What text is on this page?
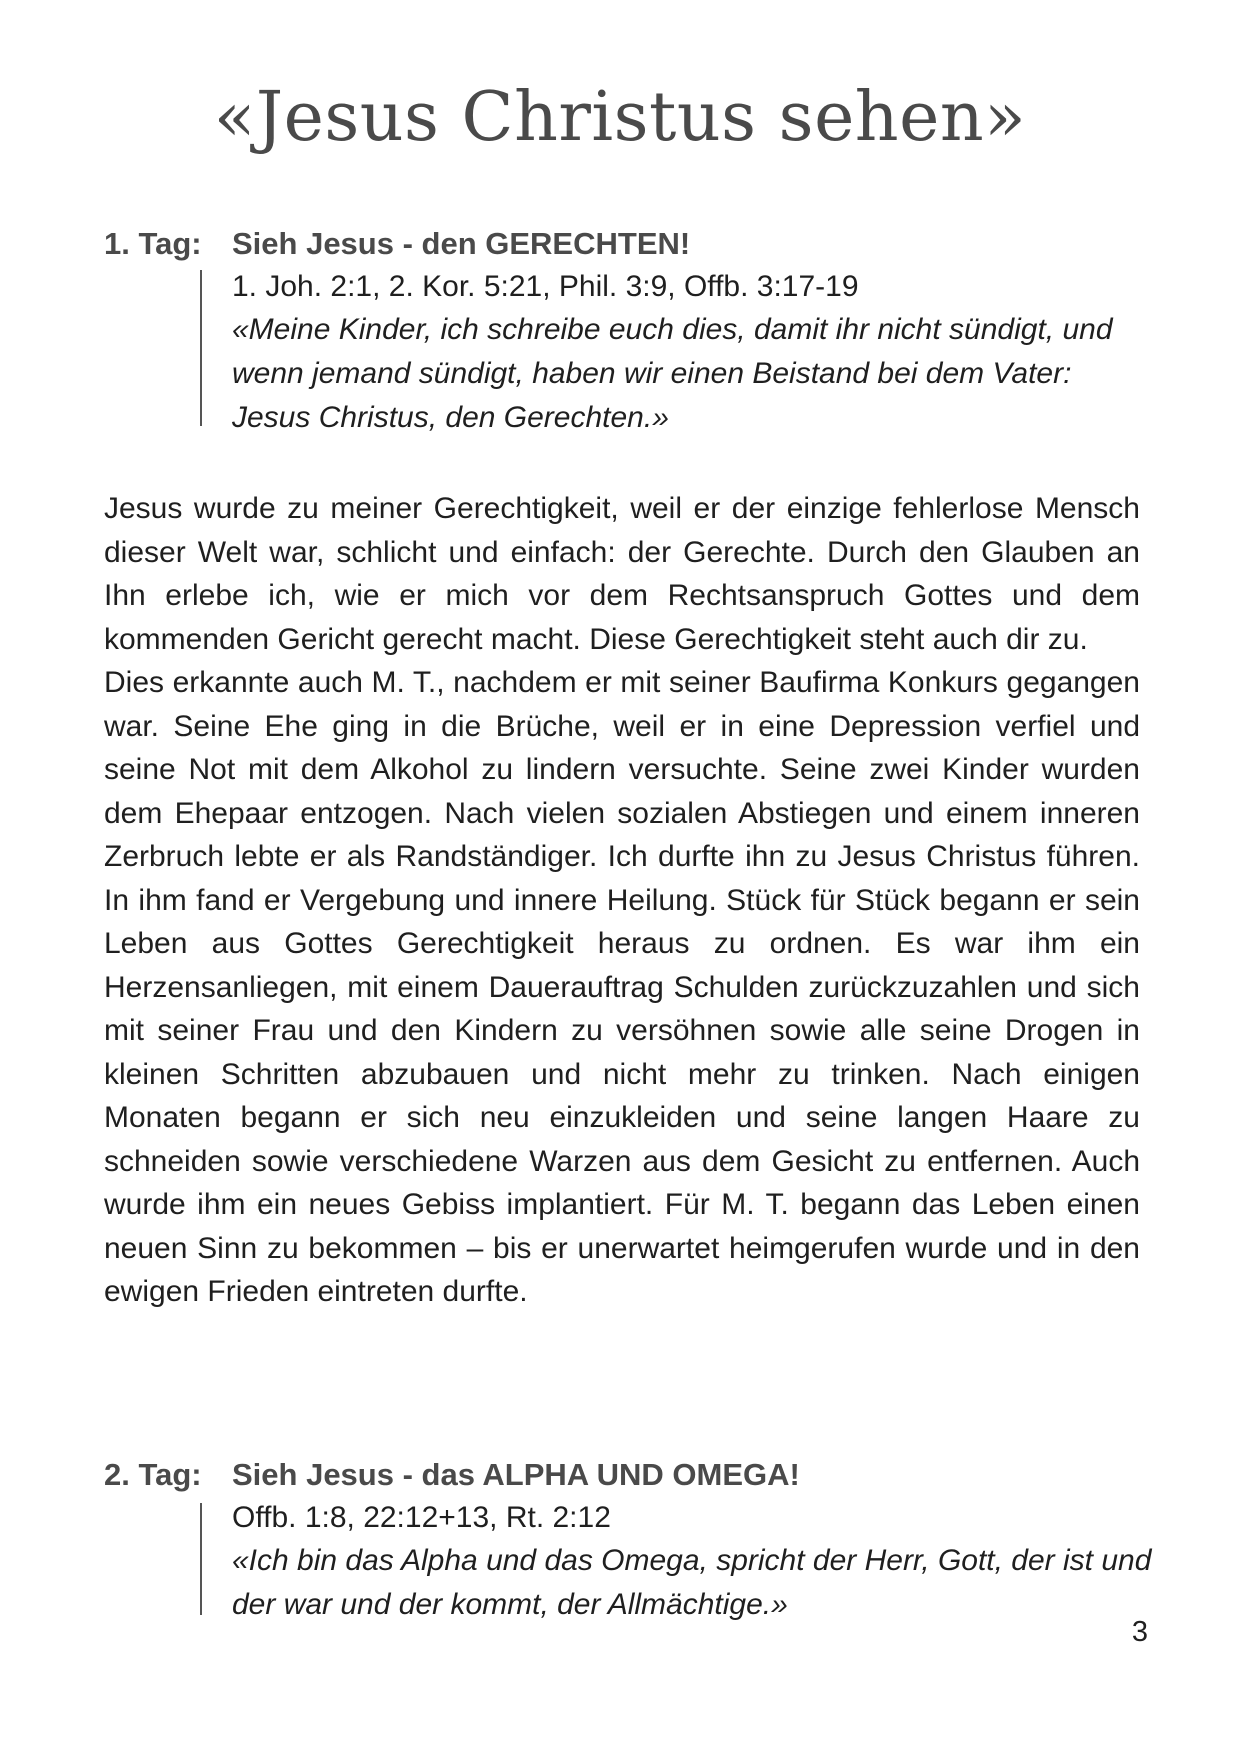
«Jesus Christus sehen»
1. Tag: Sieh Jesus - den GERECHTEN!
1. Joh. 2:1, 2. Kor. 5:21, Phil. 3:9, Offb. 3:17-19
«Meine Kinder, ich schreibe euch dies, damit ihr nicht sündigt, und wenn jemand sündigt, haben wir einen Beistand bei dem Vater: Jesus Christus, den Gerechten.»

Jesus wurde zu meiner Gerechtigkeit, weil er der einzige fehlerlose Mensch dieser Welt war, schlicht und einfach: der Gerechte. Durch den Glauben an Ihn erlebe ich, wie er mich vor dem Rechtsanspruch Gottes und dem kommenden Gericht gerecht macht. Diese Gerechtigkeit steht auch dir zu.

Dies erkannte auch M. T., nachdem er mit seiner Baufirma Konkurs gegangen war. Seine Ehe ging in die Brüche, weil er in eine Depression verfiel und seine Not mit dem Alkohol zu lindern versuchte. Seine zwei Kinder wurden dem Ehepaar entzogen. Nach vielen sozialen Abstiegen und einem inneren Zerbruch lebte er als Randständiger. Ich durfte ihn zu Jesus Christus führen. In ihm fand er Vergebung und innere Heilung. Stück für Stück begann er sein Leben aus Gottes Gerechtigkeit heraus zu ordnen. Es war ihm ein Herzensanliegen, mit einem Dauerauftrag Schulden zurückzuzahlen und sich mit seiner Frau und den Kindern zu versöhnen sowie alle seine Drogen in kleinen Schritten abzubauen und nicht mehr zu trinken. Nach einigen Monaten begann er sich neu einzukleiden und seine langen Haare zu schneiden sowie verschiedene Warzen aus dem Gesicht zu entfernen. Auch wurde ihm ein neues Gebiss implantiert. Für M. T. begann das Leben einen neuen Sinn zu bekommen – bis er unerwartet heimgerufen wurde und in den ewigen Frieden eintreten durfte.

2. Tag: Sieh Jesus - das ALPHA UND OMEGA!
Offb. 1:8, 22:12+13, Rt. 2:12
«Ich bin das Alpha und das Omega, spricht der Herr, Gott, der ist und der war und der kommt, der Allmächtige.»
3
